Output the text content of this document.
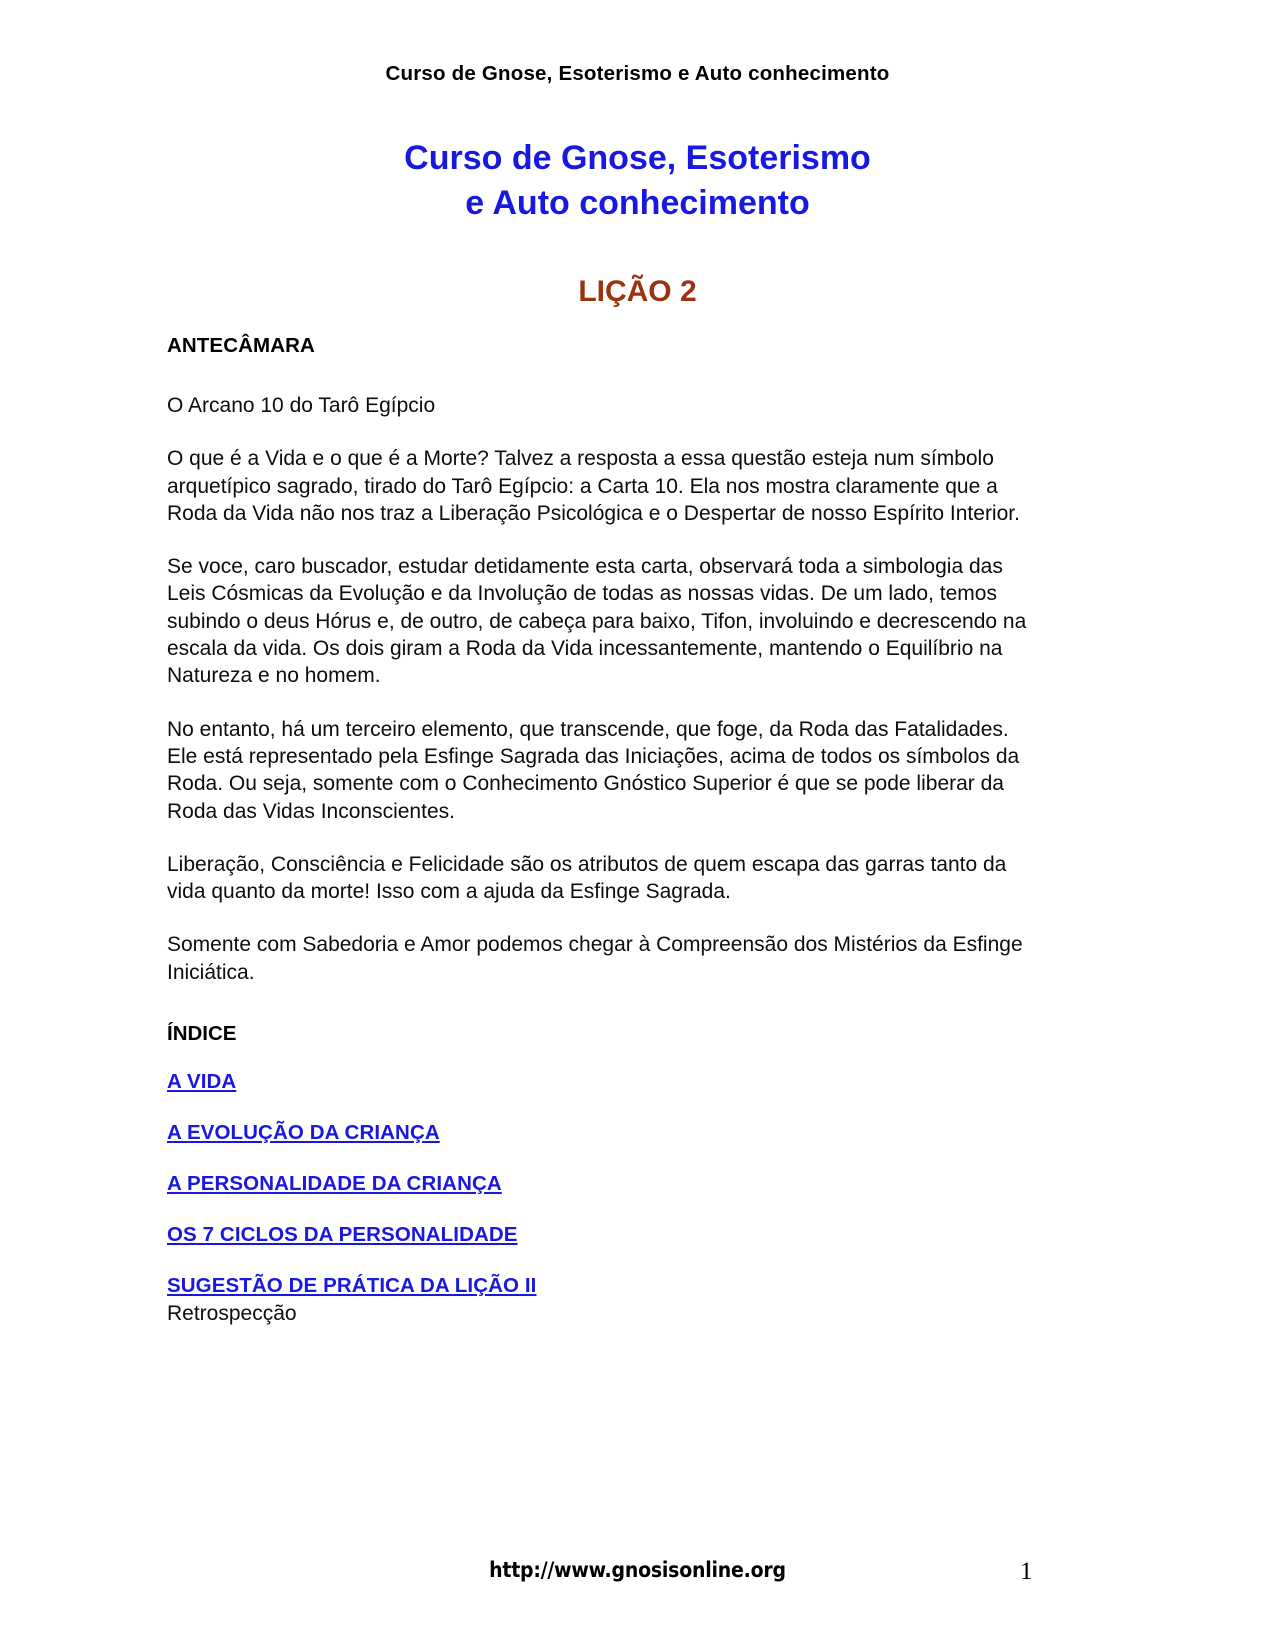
Curso de Gnose, Esoterismo e Auto conhecimento
Curso de Gnose, Esoterismo
e Auto conhecimento
LIÇÃO 2
ANTECÂMARA

O Arcano 10 do Tarô Egípcio

O que é a Vida e o que é a Morte? Talvez a resposta a essa questão esteja num símbolo arquetípico sagrado, tirado do Tarô Egípcio: a Carta 10. Ela nos mostra claramente que a Roda da Vida não nos traz a Liberação Psicológica e o Despertar de nosso Espírito Interior.

Se voce, caro buscador, estudar detidamente esta carta, observará toda a simbologia das Leis Cósmicas da Evolução e da Involução de todas as nossas vidas. De um lado, temos subindo o deus Hórus e, de outro, de cabeça para baixo, Tifon, involuindo e decrescendo na escala da vida. Os dois giram a Roda da Vida incessantemente, mantendo o Equilíbrio na Natureza e no homem.

No entanto, há um terceiro elemento, que transcende, que foge, da Roda das Fatalidades. Ele está representado pela Esfinge Sagrada das Iniciações, acima de todos os símbolos da Roda. Ou seja, somente com o Conhecimento Gnóstico Superior é que se pode liberar da Roda das Vidas Inconscientes.

Liberação, Consciência e Felicidade são os atributos de quem escapa das garras tanto da vida quanto da morte! Isso com a ajuda da Esfinge Sagrada.

Somente com Sabedoria e Amor podemos chegar à Compreensão dos Mistérios da Esfinge Iniciática.

ÍNDICE
A VIDA
A EVOLUÇÃO DA CRIANÇA
A PERSONALIDADE DA CRIANÇA
OS 7 CICLOS DA PERSONALIDADE
SUGESTÃO DE PRÁTICA DA LIÇÃO II
Retrospecção
http://www.gnosisonline.org	1
